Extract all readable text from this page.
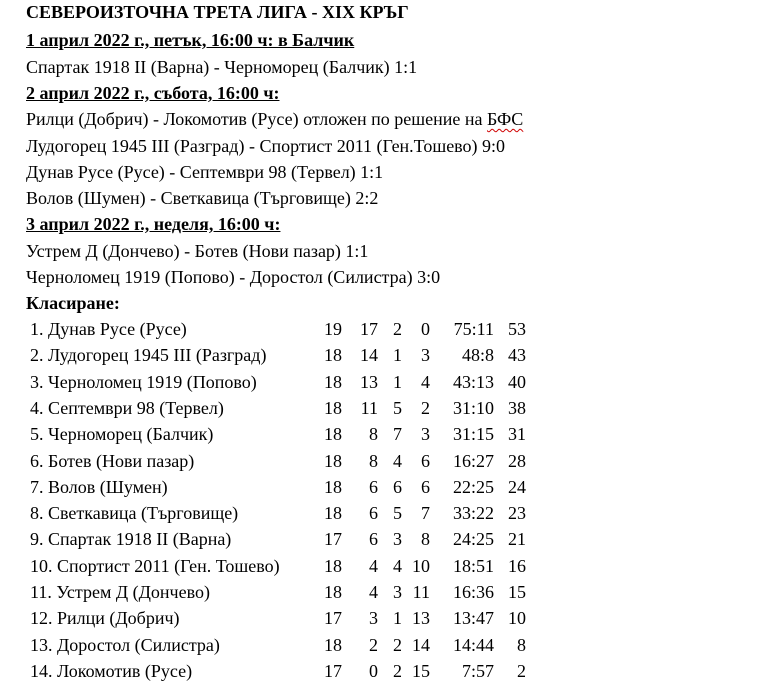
СЕВЕРОИЗТОЧНА ТРЕТА ЛИГА - XIX КРЪГ
1 април 2022 г., петък, 16:00 ч: в Балчик
Спартак 1918 II (Варна) - Черноморец (Балчик) 1:1
2 април 2022 г., събота, 16:00 ч:
Рилци (Добрич) - Локомотив (Русе) отложен по решение на БФС
Лудогорец 1945 III (Разград) - Спортист 2011 (Ген.Тошево) 9:0
Дунав Русе (Русе) - Септември 98 (Тервел) 1:1
Волов (Шумен) - Светкавица (Търговище) 2:2
3 април 2022 г., неделя, 16:00 ч:
Устрем Д (Дончево) - Ботев (Нови пазар) 1:1
Черноломец 1919 (Попово) - Доростол (Силистра) 3:0
Класиране:
1. Дунав Русе (Русе)	19	17 2	0	75:11 53
2. Лудогорец 1945 III (Разград)	18	14 1	3	48:8 43
3. Черноломец 1919 (Попово)	18	13 1	4	43:13 40
4. Септември 98 (Тервел)	18	11 5	2	31:10 38
5. Черноморец (Балчик)	18	8 7	3	31:15 31
6. Ботев (Нови пазар)	18	8 4	6	16:27 28
7. Волов (Шумен)	18	6 6	6	22:25 24
8. Светкавица (Търговище)	18	6 5	7	33:22 23
9. Спартак 1918 II (Варна)	17	6 3	8	24:25 21
10. Спортист 2011 (Ген. Тошево)	18	4 4 10	18:51 16
11. Устрем Д (Дончево)	18	4 3 11	16:36 15
12. Рилци (Добрич)	17	3 1 13	13:47 10
13. Доростол (Силистра)	18	2 2 14	14:44	8
14. Локомотив (Русе)	17	0 2 15	7:57	2
